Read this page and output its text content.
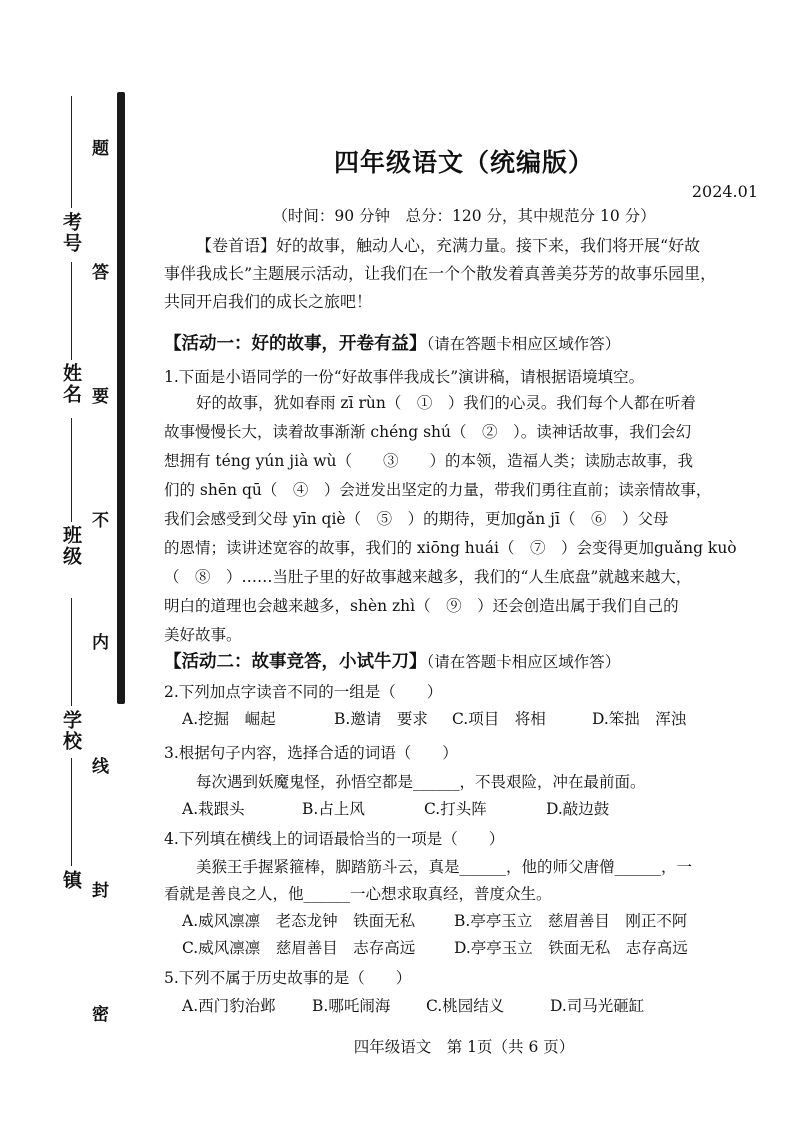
考号
姓名
班级
学校
镇
题
答
要
不
内
线
封
密
四年级语文（统编版）
2024.01
（时间：90 分钟　总分：120 分，其中规范分 10 分）
【卷首语】好的故事，触动人心，充满力量。接下来，我们将开展“好故
事伴我成长”主题展示活动，让我们在一个个散发着真善美芬芳的故事乐园里，
共同开启我们的成长之旅吧！
【活动一：好的故事，开卷有益】（请在答题卡相应区域作答）
1.下面是小语同学的一份“好故事伴我成长”演讲稿，请根据语境填空。
好的故事，犹如春雨 zī rùn（　①　）我们的心灵。我们每个人都在听着
故事慢慢长大，读着故事渐渐 chéng shú（　②　）。读神话故事，我们会幻
想拥有 téng yún jià wù（　　③　　）的本领，造福人类；读励志故事，我
们的 shēn qū（　④　）会迸发出坚定的力量，带我们勇往直前；读亲情故事，
我们会感受到父母 yīn qiè（　⑤　）的期待，更加gǎn jī（　⑥　）父母
的恩情；读讲述宽容的故事，我们的 xiōng huái（　⑦　）会变得更加guǎng kuò
（　⑧　）……当肚子里的好故事越来越多，我们的“人生底盘”就越来越大，
明白的道理也会越来越多，shèn zhì（　⑨　）还会创造出属于我们自己的
美好故事。
【活动二：故事竞答，小试牛刀】（请在答题卡相应区域作答）
2.下列加点字读音不同的一组是（　　）
A.挖掘　崛起	B.邀请　要求	C.项目　将相	D.笨拙　浑浊
3.根据句子内容，选择合适的词语（　　）
每次遇到妖魔鬼怪，孙悟空都是______，不畏艰险，冲在最前面。
A.栽跟头	B.占上风	C.打头阵	D.敲边鼓
4.下列填在横线上的词语最恰当的一项是（　　）
美猴王手握紧箍棒，脚踏筋斗云，真是______，他的师父唐僧______，一
看就是善良之人，他______一心想求取真经，普度众生。
A.威风凛凛　老态龙钟　铁面无私	B.亭亭玉立　慈眉善目　刚正不阿
C.威风凛凛　慈眉善目　志存高远	D.亭亭玉立　铁面无私　志存高远
5.下列不属于历史故事的是（　　）
A.西门豹治邺	B.哪吒闹海	C.桃园结义	D.司马光砸缸
四年级语文　第 1页（共 6 页）
